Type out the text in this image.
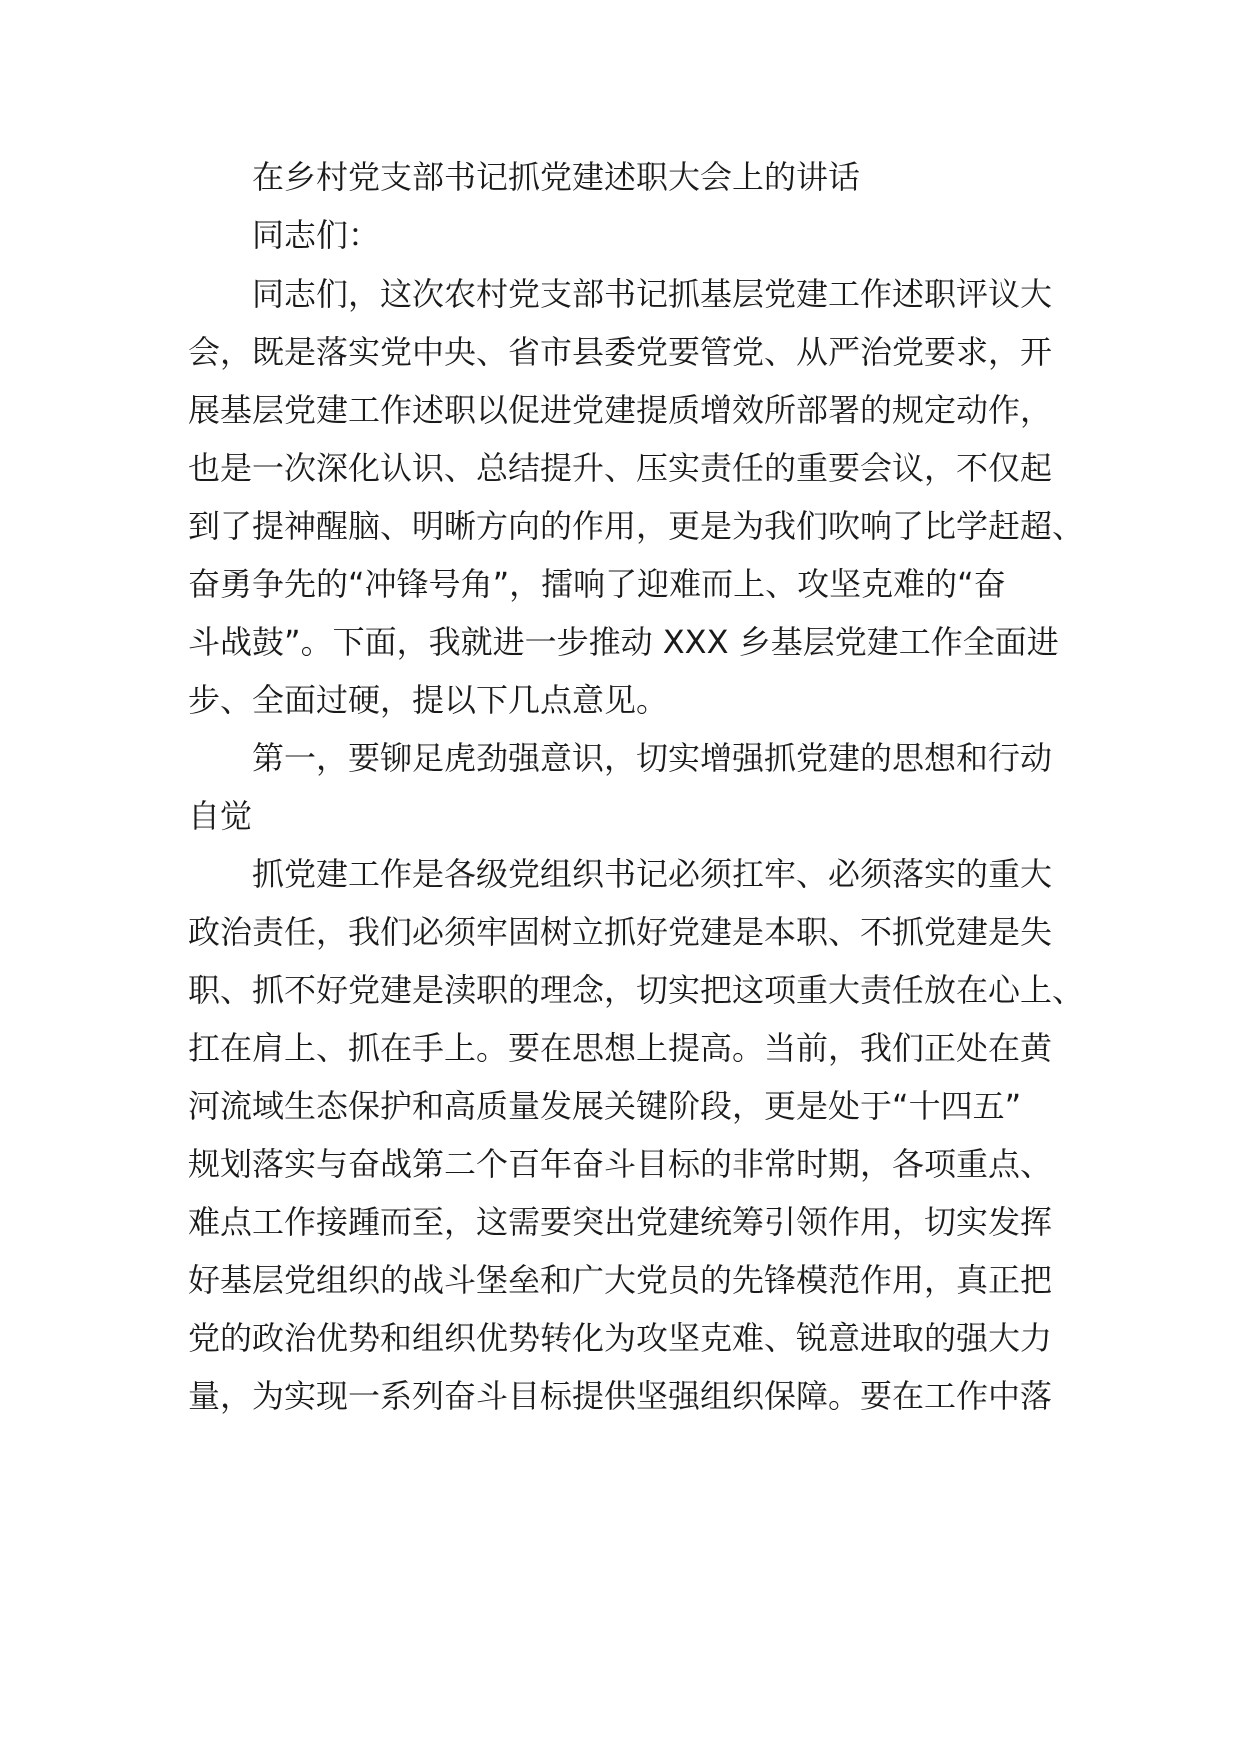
在乡村党支部书记抓党建述职大会上的讲话
同志们：
同志们，这次农村党支部书记抓基层党建工作述职评议大
会，既是落实党中央、省市县委党要管党、从严治党要求，开
展基层党建工作述职以促进党建提质增效所部署的规定动作，
也是一次深化认识、总结提升、压实责任的重要会议，不仅起
到了提神醒脑、明晰方向的作用，更是为我们吹响了比学赶超、
奋勇争先的“冲锋号角”，擂响了迎难而上、攻坚克难的“奋
斗战鼓”。下面，我就进一步推动 XXX 乡基层党建工作全面进
步、全面过硬，提以下几点意见。
第一，要铆足虎劲强意识，切实增强抓党建的思想和行动
自觉
抓党建工作是各级党组织书记必须扛牢、必须落实的重大
政治责任，我们必须牢固树立抓好党建是本职、不抓党建是失
职、抓不好党建是渎职的理念，切实把这项重大责任放在心上、
扛在肩上、抓在手上。要在思想上提高。当前，我们正处在黄
河流域生态保护和高质量发展关键阶段，更是处于“十四五”
规划落实与奋战第二个百年奋斗目标的非常时期，各项重点、
难点工作接踵而至，这需要突出党建统筹引领作用，切实发挥
好基层党组织的战斗堡垒和广大党员的先锋模范作用，真正把
党的政治优势和组织优势转化为攻坚克难、锐意进取的强大力
量，为实现一系列奋斗目标提供坚强组织保障。要在工作中落
